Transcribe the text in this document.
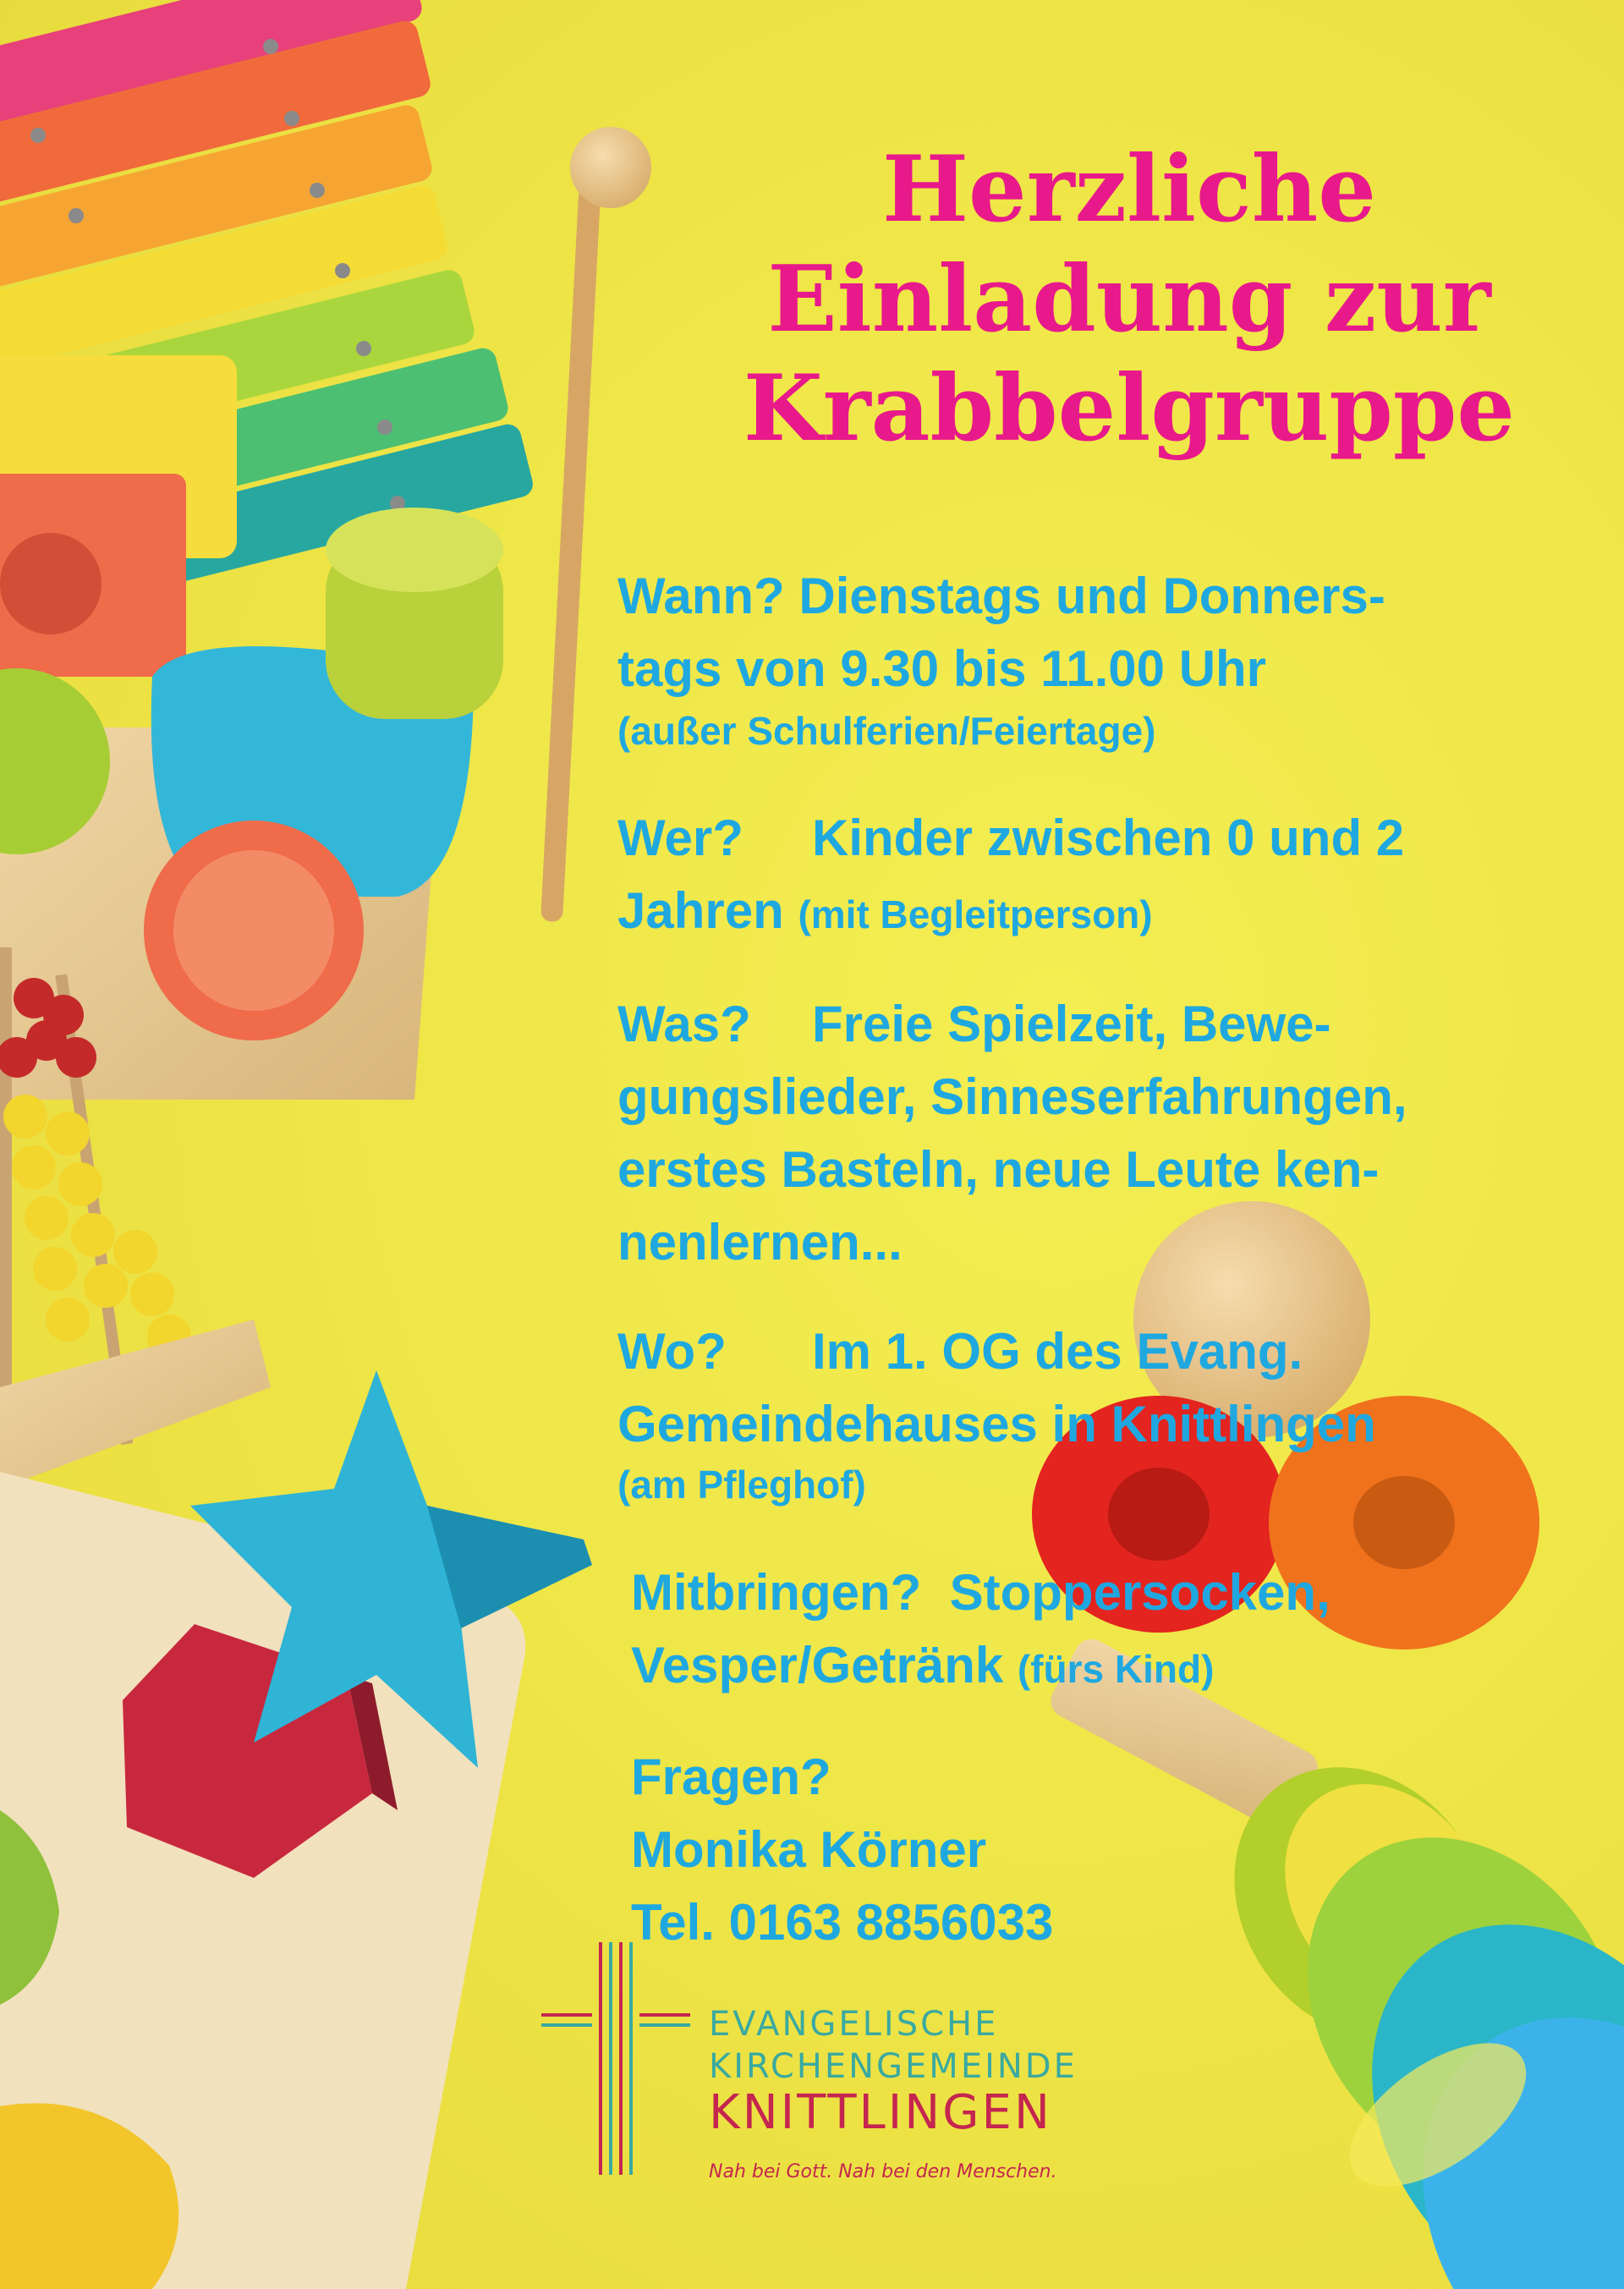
Herzliche
Einladung zur
Krabbelgruppe
Wann? Dienstags und Donners-
tags von 9.30 bis 11.00 Uhr
(außer Schulferien/Feiertage)
Wer? Kinder zwischen 0 und 2
Jahren (mit Begleitperson)
Was? Freie Spielzeit, Bewe-
gungslieder, Sinneserfahrungen,
erstes Basteln, neue Leute ken-
nenlernen...
Wo? Im 1. OG des Evang.
Gemeindehauses in Knittlingen
(am Pfleghof)
Mitbringen? Stoppersocken,
Vesper/Getränk (fürs Kind)
Fragen?
Monika Körner
Tel. 0163 8856033
EVANGELISCHE
KIRCHENGEMEINDE
KNITTLINGEN
Nah bei Gott. Nah bei den Menschen.
